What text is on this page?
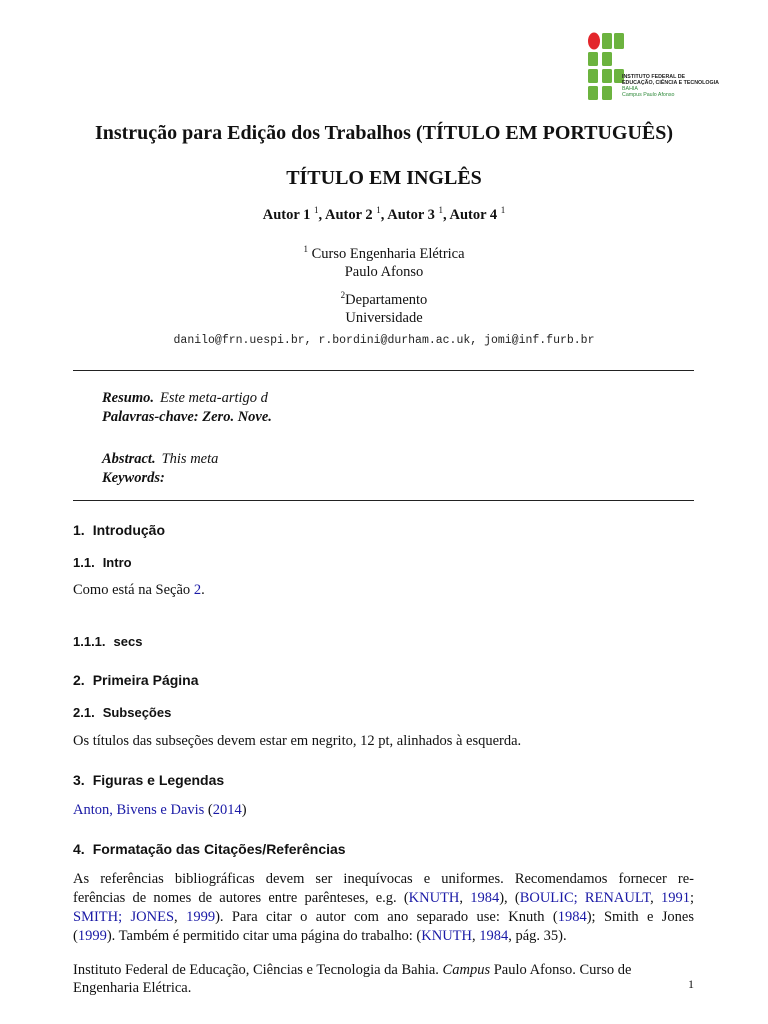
INSTITUTO FEDERAL DE
EDUCAÇÃO, CIÊNCIA E TECNOLOGIA
BAHIA
Campus Paulo Afonso
Instrução para Edição dos Trabalhos (TÍTULO EM PORTUGUÊS)
TÍTULO EM INGLÊS
Autor 1 $^1$, Autor 2 $^1$, Autor 3 $^1$, Autor 4 $^1$
$^1$ Curso Engenharia Elétrica
Paulo Afonso
$^2$Departamento
Universidade
danilo@frn.uespi.br, r.bordini@durham.ac.uk, jomi@inf.furb.br
Resumo. Este meta-artigo d
Palavras-chave: Zero. Nove.
Abstract. This meta
Keywords:
1. Introdução
1.1. Intro
Como está na Seção 2.
1.1.1. secs
2. Primeira Página
2.1. Subseções
Os títulos das subseções devem estar em negrito, 12 pt, alinhados à esquerda.
3. Figuras e Legendas
Anton, Bivens e Davis (2014)
4. Formatação das Citações/Referências
As referências bibliográficas devem ser inequívocas e uniformes. Recomendamos fornecer re-
ferências de nomes de autores entre parênteses, e.g. (KNUTH, 1984), (BOULIC; RENAULT, 1991;
SMITH; JONES, 1999). Para citar o autor com ano separado use: Knuth (1984); Smith e Jones
(1999). Também é permitido citar uma página do trabalho: (KNUTH, 1984, pág. 35).
Instituto Federal de Educação, Ciências e Tecnologia da Bahia. Campus Paulo Afonso. Curso de Engenharia Elétrica.	1
